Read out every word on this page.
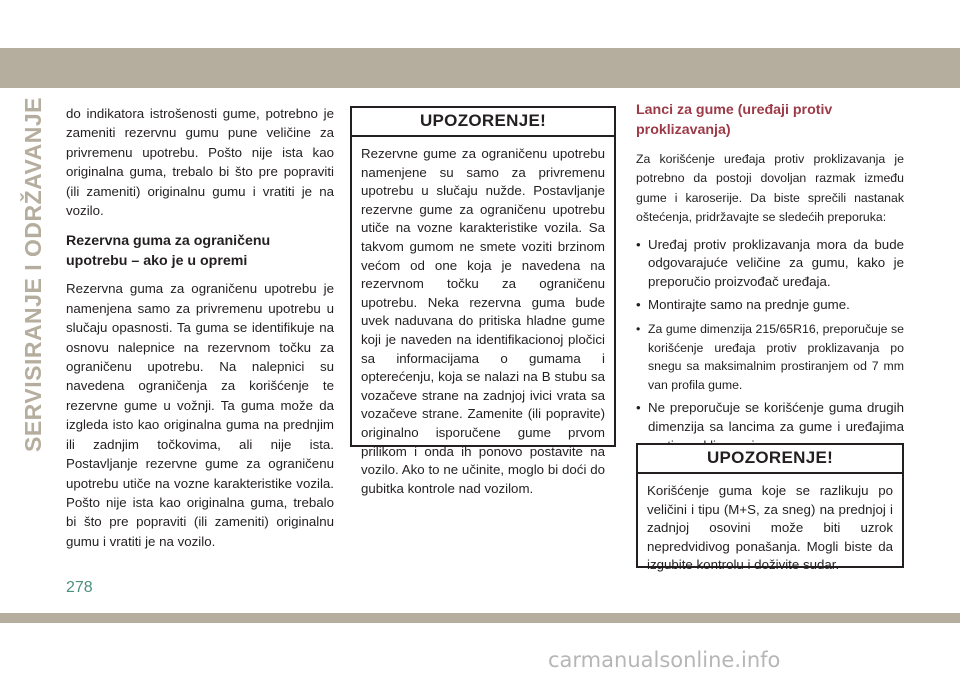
SERVISIRANJE I ODRŽAVANJE do indikatora istrošenosti gume, potrebno je zameniti rezervnu gumu pune veličine za privremenu upotrebu. Pošto nije ista kao originalna guma, trebalo bi što pre popraviti (ili zameniti) originalnu gumu i vratiti je na vozilo.

Rezervna guma za ograničenu upotrebu – ako je u opremi

Rezervna guma za ograničenu upotrebu je namenjena samo za privremenu upotrebu u slučaju opasnosti. Ta guma se identifikuje na osnovu nalepnice na rezervnom točku za ograničenu upotrebu. Na nalepnici su navedena ograničenja za korišćenje te rezervne gume u vožnji. Ta guma može da izgleda isto kao originalna guma na prednjim ili zadnjim točkovima, ali nije ista. Postavljanje rezervne gume za ograničenu upotrebu utiče na vozne karakteristike vozila. Pošto nije ista kao originalna guma, trebalo bi što pre popraviti (ili zameniti) originalnu gumu i vratiti je na vozilo.

UPOZORENJE!
Rezervne gume za ograničenu upotrebu namenjene su samo za privremenu upotrebu u slučaju nužde. Postavljanje rezervne gume za ograničenu upotrebu utiče na vozne karakteristike vozila. Sa takvom gumom ne smete voziti brzinom većom od one koja je navedena na rezervnom točku za ograničenu upotrebu. Neka rezervna guma bude uvek naduvana do pritiska hladne gume koji je naveden na identifikacionoj pločici sa informacijama o gumama i opterećenju, koja se nalazi na B stubu sa vozačeve strane na zadnjoj ivici vrata sa vozačeve strane. Zamenite (ili popravite) originalno isporučene gume prvom prilikom i onda ih ponovo postavite na vozilo. Ako to ne učinite, moglo bi doći do gubitka kontrole nad vozilom.
Lanci za gume (uređaji protiv
proklizavanja)

Za korišćenje uređaja protiv proklizavanja je potrebno da postoji dovoljan razmak između gume i karoserije. Da biste sprečili nastanak oštećenja, pridržavajte se sledećih preporuka:

• Uređaj protiv proklizavanja mora da bude odgovarajuće veličine za gumu, kako je preporučio proizvođač uređaja.
• Montirajte samo na prednje gume.
• Za gume dimenzija 215/65R16, preporučuje se korišćenje uređaja protiv proklizavanja po snegu sa maksimalnim prostiranjem od 7 mm van profila gume.
• Ne preporučuje se korišćenje guma drugih dimenzija sa lancima za gume i uređajima
UPOZORENJE!
Korišćenje guma koje se razlikuju po veličini i tipu (M+S, za sneg) na prednjoj i zadnjoj osovini može biti uzrok nepredvidivog ponašanja. Mogli biste da izgubite kontrolu i doživite sudar.
278
carmanualsonline.info
